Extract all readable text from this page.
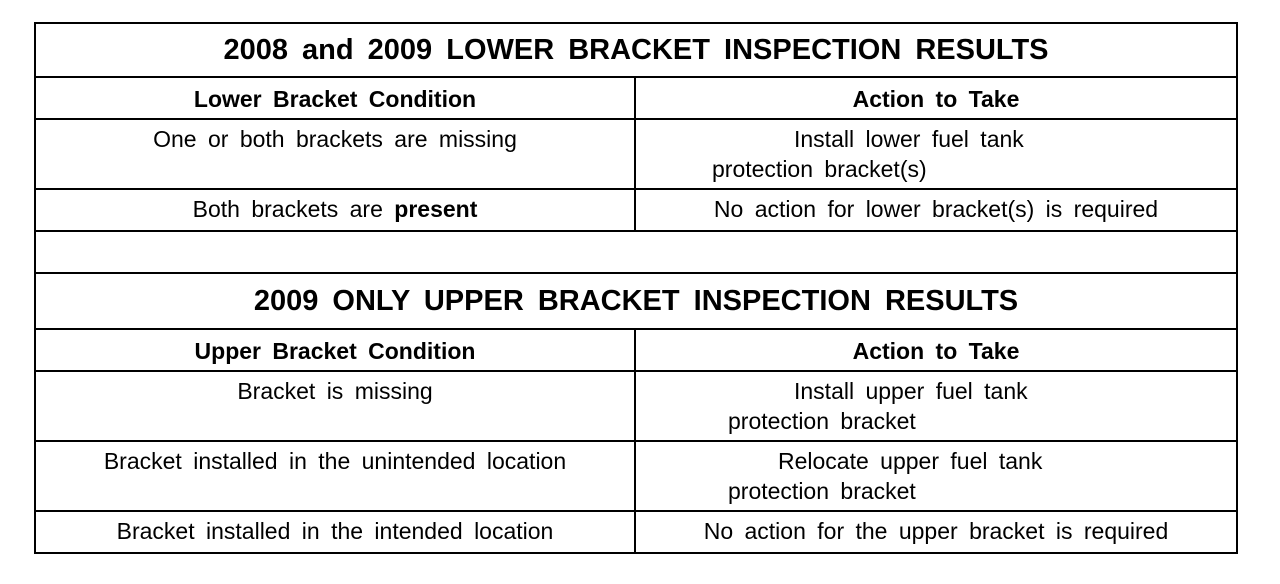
2008 and 2009 LOWER BRACKET INSPECTION RESULTS
Lower Bracket Condition	Action to Take
One or both brackets are missing	Install lower fuel tank
protection bracket(s)
Both brackets are present	No action for lower bracket(s) is required
2009 ONLY UPPER BRACKET INSPECTION RESULTS
Upper Bracket Condition	Action to Take
Bracket is missing	Install upper fuel tank
protection bracket
Bracket installed in the unintended location	Relocate upper fuel tank
protection bracket
Bracket installed in the intended location	No action for the upper bracket is required
